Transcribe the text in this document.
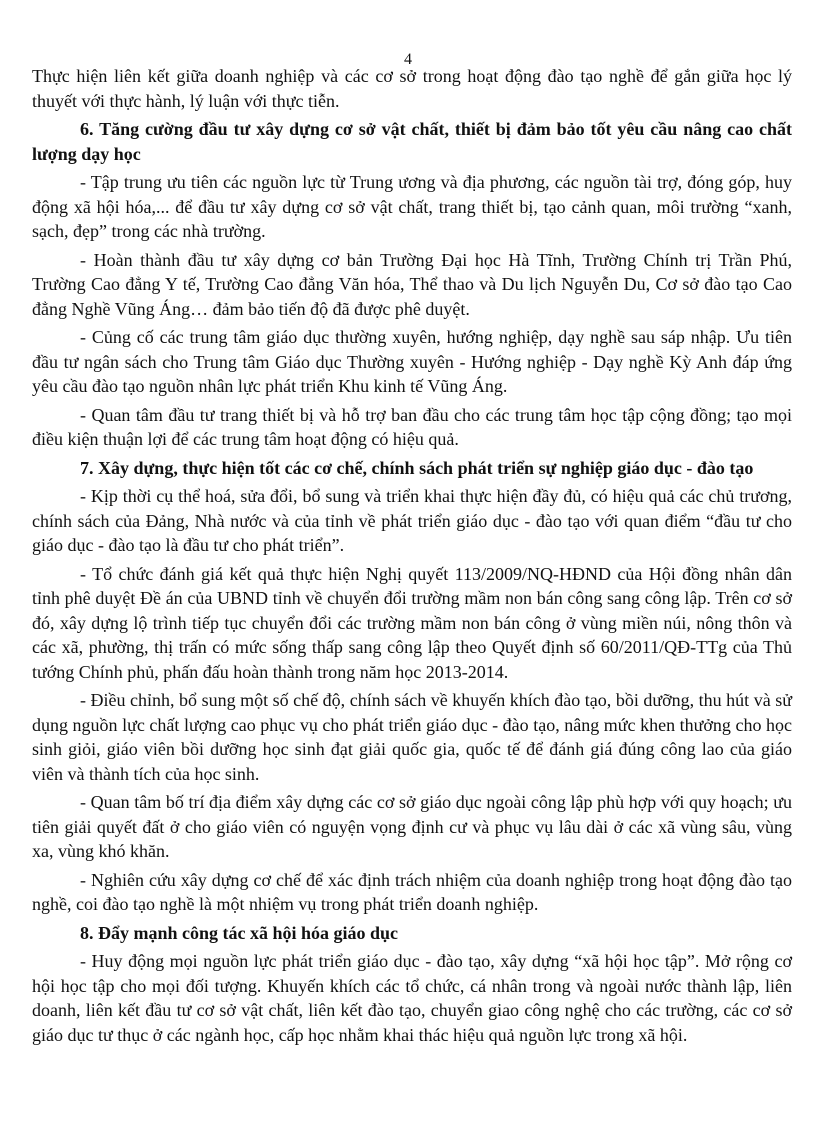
4

Thực hiện liên kết giữa doanh nghiệp và các cơ sở trong hoạt động đào tạo nghề để gắn giữa học lý thuyết với thực hành, lý luận với thực tiễn.

6. Tăng cường đầu tư xây dựng cơ sở vật chất, thiết bị đảm bảo tốt yêu cầu nâng cao chất lượng dạy học

- Tập trung ưu tiên các nguồn lực từ Trung ương và địa phương, các nguồn tài trợ, đóng góp, huy động xã hội hóa,... để đầu tư xây dựng cơ sở vật chất, trang thiết bị, tạo cảnh quan, môi trường “xanh, sạch, đẹp” trong các nhà trường.

- Hoàn thành đầu tư xây dựng cơ bản Trường Đại học Hà Tĩnh, Trường Chính trị Trần Phú, Trường Cao đẳng Y tế, Trường Cao đẳng Văn hóa, Thể thao và Du lịch Nguyễn Du, Cơ sở đào tạo Cao đẳng Nghề Vũng Áng… đảm bảo tiến độ đã được phê duyệt.

- Củng cố các trung tâm giáo dục thường xuyên, hướng nghiệp, dạy nghề sau sáp nhập. Ưu tiên đầu tư ngân sách cho Trung tâm Giáo dục Thường xuyên - Hướng nghiệp - Dạy nghề Kỳ Anh đáp ứng yêu cầu đào tạo nguồn nhân lực phát triển Khu kinh tế Vũng Áng.

- Quan tâm đầu tư trang thiết bị và hỗ trợ ban đầu cho các trung tâm học tập cộng đồng; tạo mọi điều kiện thuận lợi để các trung tâm hoạt động có hiệu quả.

7. Xây dựng, thực hiện tốt các cơ chế, chính sách phát triển sự nghiệp giáo dục - đào tạo

- Kịp thời cụ thể hoá, sửa đổi, bổ sung và triển khai thực hiện đầy đủ, có hiệu quả các chủ trương, chính sách của Đảng, Nhà nước và của tỉnh về phát triển giáo dục - đào tạo với quan điểm “đầu tư cho giáo dục - đào tạo là đầu tư cho phát triển”.

- Tổ chức đánh giá kết quả thực hiện Nghị quyết 113/2009/NQ-HĐND của Hội đồng nhân dân tỉnh phê duyệt Đề án của UBND tỉnh về chuyển đổi trường mầm non bán công sang công lập. Trên cơ sở đó, xây dựng lộ trình tiếp tục chuyển đổi các trường mầm non bán công ở vùng miền núi, nông thôn và các xã, phường, thị trấn có mức sống thấp sang công lập theo Quyết định số 60/2011/QĐ-TTg của Thủ tướng Chính phủ, phấn đấu hoàn thành trong năm học 2013-2014.

- Điều chỉnh, bổ sung một số chế độ, chính sách về khuyến khích đào tạo, bồi dưỡng, thu hút và sử dụng nguồn lực chất lượng cao phục vụ cho phát triển giáo dục - đào tạo, nâng mức khen thưởng cho học sinh giỏi, giáo viên bồi dưỡng học sinh đạt giải quốc gia, quốc tế để đánh giá đúng công lao của giáo viên và thành tích của học sinh.

- Quan tâm bố trí địa điểm xây dựng các cơ sở giáo dục ngoài công lập phù hợp với quy hoạch; ưu tiên giải quyết đất ở cho giáo viên có nguyện vọng định cư và phục vụ lâu dài ở các xã vùng sâu, vùng xa, vùng khó khăn.

- Nghiên cứu xây dựng cơ chế để xác định trách nhiệm của doanh nghiệp trong hoạt động đào tạo nghề, coi đào tạo nghề là một nhiệm vụ trong phát triển doanh nghiệp.

8. Đẩy mạnh công tác xã hội hóa giáo dục

- Huy động mọi nguồn lực phát triển giáo dục - đào tạo, xây dựng “xã hội học tập”. Mở rộng cơ hội học tập cho mọi đối tượng. Khuyến khích các tổ chức, cá nhân trong và ngoài nước thành lập, liên doanh, liên kết đầu tư cơ sở vật chất, liên kết đào tạo, chuyển giao công nghệ cho các trường, các cơ sở giáo dục tư thục ở các ngành học, cấp học nhằm khai thác hiệu quả nguồn lực trong xã hội.
